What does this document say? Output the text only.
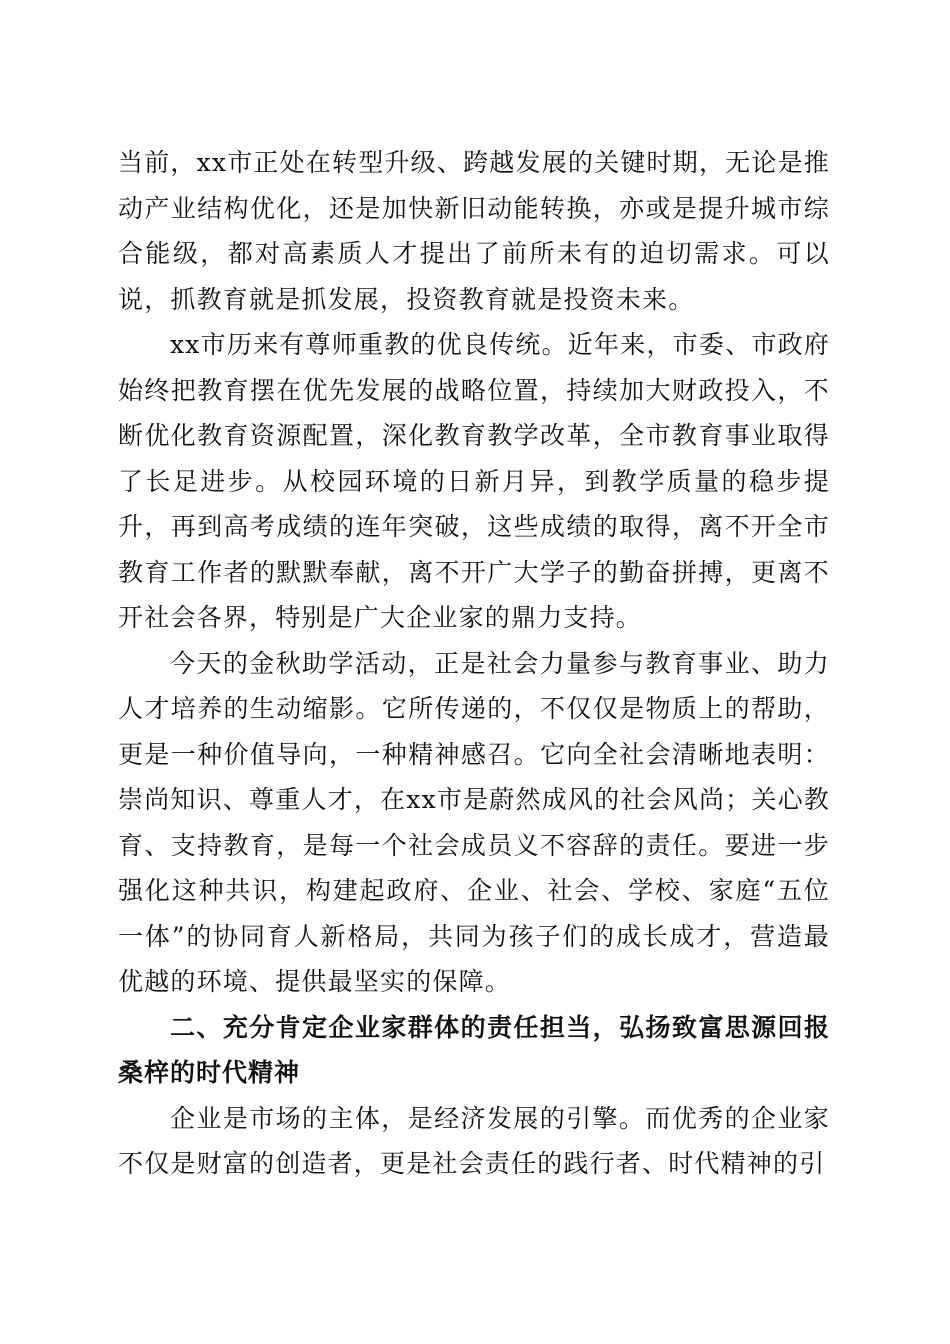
当前，xx市正处在转型升级、跨越发展的关键时期，无论是推动产业结构优化，还是加快新旧动能转换，亦或是提升城市综合能级，都对高素质人才提出了前所未有的迫切需求。可以说，抓教育就是抓发展，投资教育就是投资未来。

xx市历来有尊师重教的优良传统。近年来，市委、市政府始终把教育摆在优先发展的战略位置，持续加大财政投入，不断优化教育资源配置，深化教育教学改革，全市教育事业取得了长足进步。从校园环境的日新月异，到教学质量的稳步提升，再到高考成绩的连年突破，这些成绩的取得，离不开全市教育工作者的默默奉献，离不开广大学子的勤奋拼搏，更离不开社会各界，特别是广大企业家的鼎力支持。

今天的金秋助学活动，正是社会力量参与教育事业、助力人才培养的生动缩影。它所传递的，不仅仅是物质上的帮助，更是一种价值导向，一种精神感召。它向全社会清晰地表明：崇尚知识、尊重人才，在xx市是蔚然成风的社会风尚；关心教育、支持教育，是每一个社会成员义不容辞的责任。要进一步强化这种共识，构建起政府、企业、社会、学校、家庭“五位一体”的协同育人新格局，共同为孩子们的成长成才，营造最优越的环境、提供最坚实的保障。

二、充分肯定企业家群体的责任担当，弘扬致富思源回报桑梓的时代精神

企业是市场的主体，是经济发展的引擎。而优秀的企业家不仅是财富的创造者，更是社会责任的践行者、时代精神的引
